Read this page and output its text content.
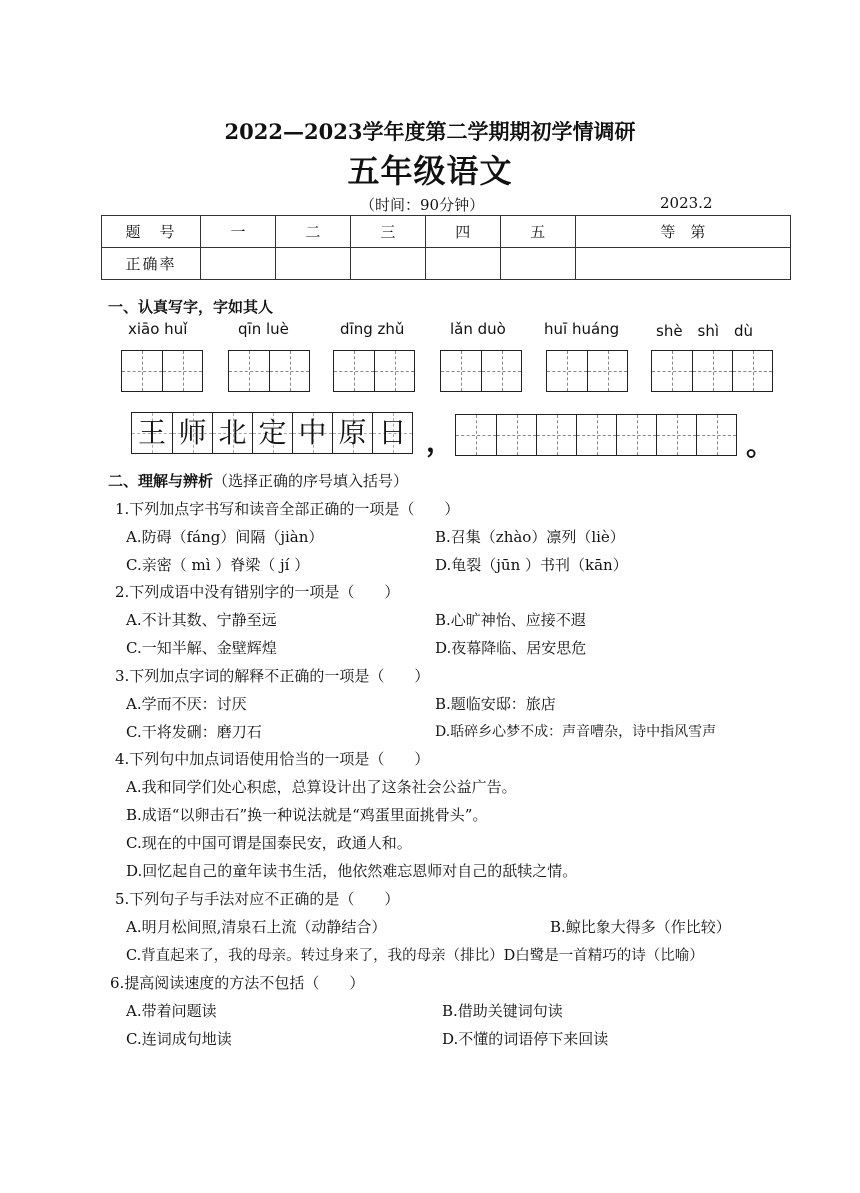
2022—2023学年度第二学期期初学情调研
五年级语文
（时间：90分钟）	2023.2
题　号	一	二	三	四	五	等　第
正确率						
一、认真写字，字如其人
xiāo huǐ	qīn luè	dīng zhǔ	lǎn duò	huī huáng shè　shì　dù
王 师 北 定 中 原 日 ，	。
二、理解与辨析（选择正确的序号填入括号）
1.下列加点字书写和读音全部正确的一项是（　　）
A.防碍（fáng）间隔（jiàn）	B.召集（zhào）凛列（liè）
C.亲密（ mì ）脊梁（ jí ）	D.龟裂（jūn ）书刊（kān）
2.下列成语中没有错别字的一项是（　　）
A.不计其数、宁静至远	B.心旷神怡、应接不遐
C.一知半解、金壁辉煌	D.夜幕降临、居安思危
3.下列加点字词的解释不正确的一项是（　　）
A.学而不厌：讨厌	B.题临安邸：旅店
C.干将发硎：磨刀石	D.聒碎乡心梦不成：声音嘈杂，诗中指风雪声
4.下列句中加点词语使用恰当的一项是（　　）
A.我和同学们处心积虑，总算设计出了这条社会公益广告。
B.成语“以卵击石”换一种说法就是“鸡蛋里面挑骨头”。
C.现在的中国可谓是国泰民安，政通人和。
D.回忆起自己的童年读书生活，他依然难忘恩师对自己的舐犊之情。
5.下列句子与手法对应不正确的是（　　）
A.明月松间照,清泉石上流（动静结合）	B.鲸比象大得多（作比较）
C.背直起来了，我的母亲。转过身来了，我的母亲（排比）D白鹭是一首精巧的诗（比喻）
6.提高阅读速度的方法不包括（　　）
A.带着问题读	B.借助关键词句读
C.连词成句地读	D.不懂的词语停下来回读
